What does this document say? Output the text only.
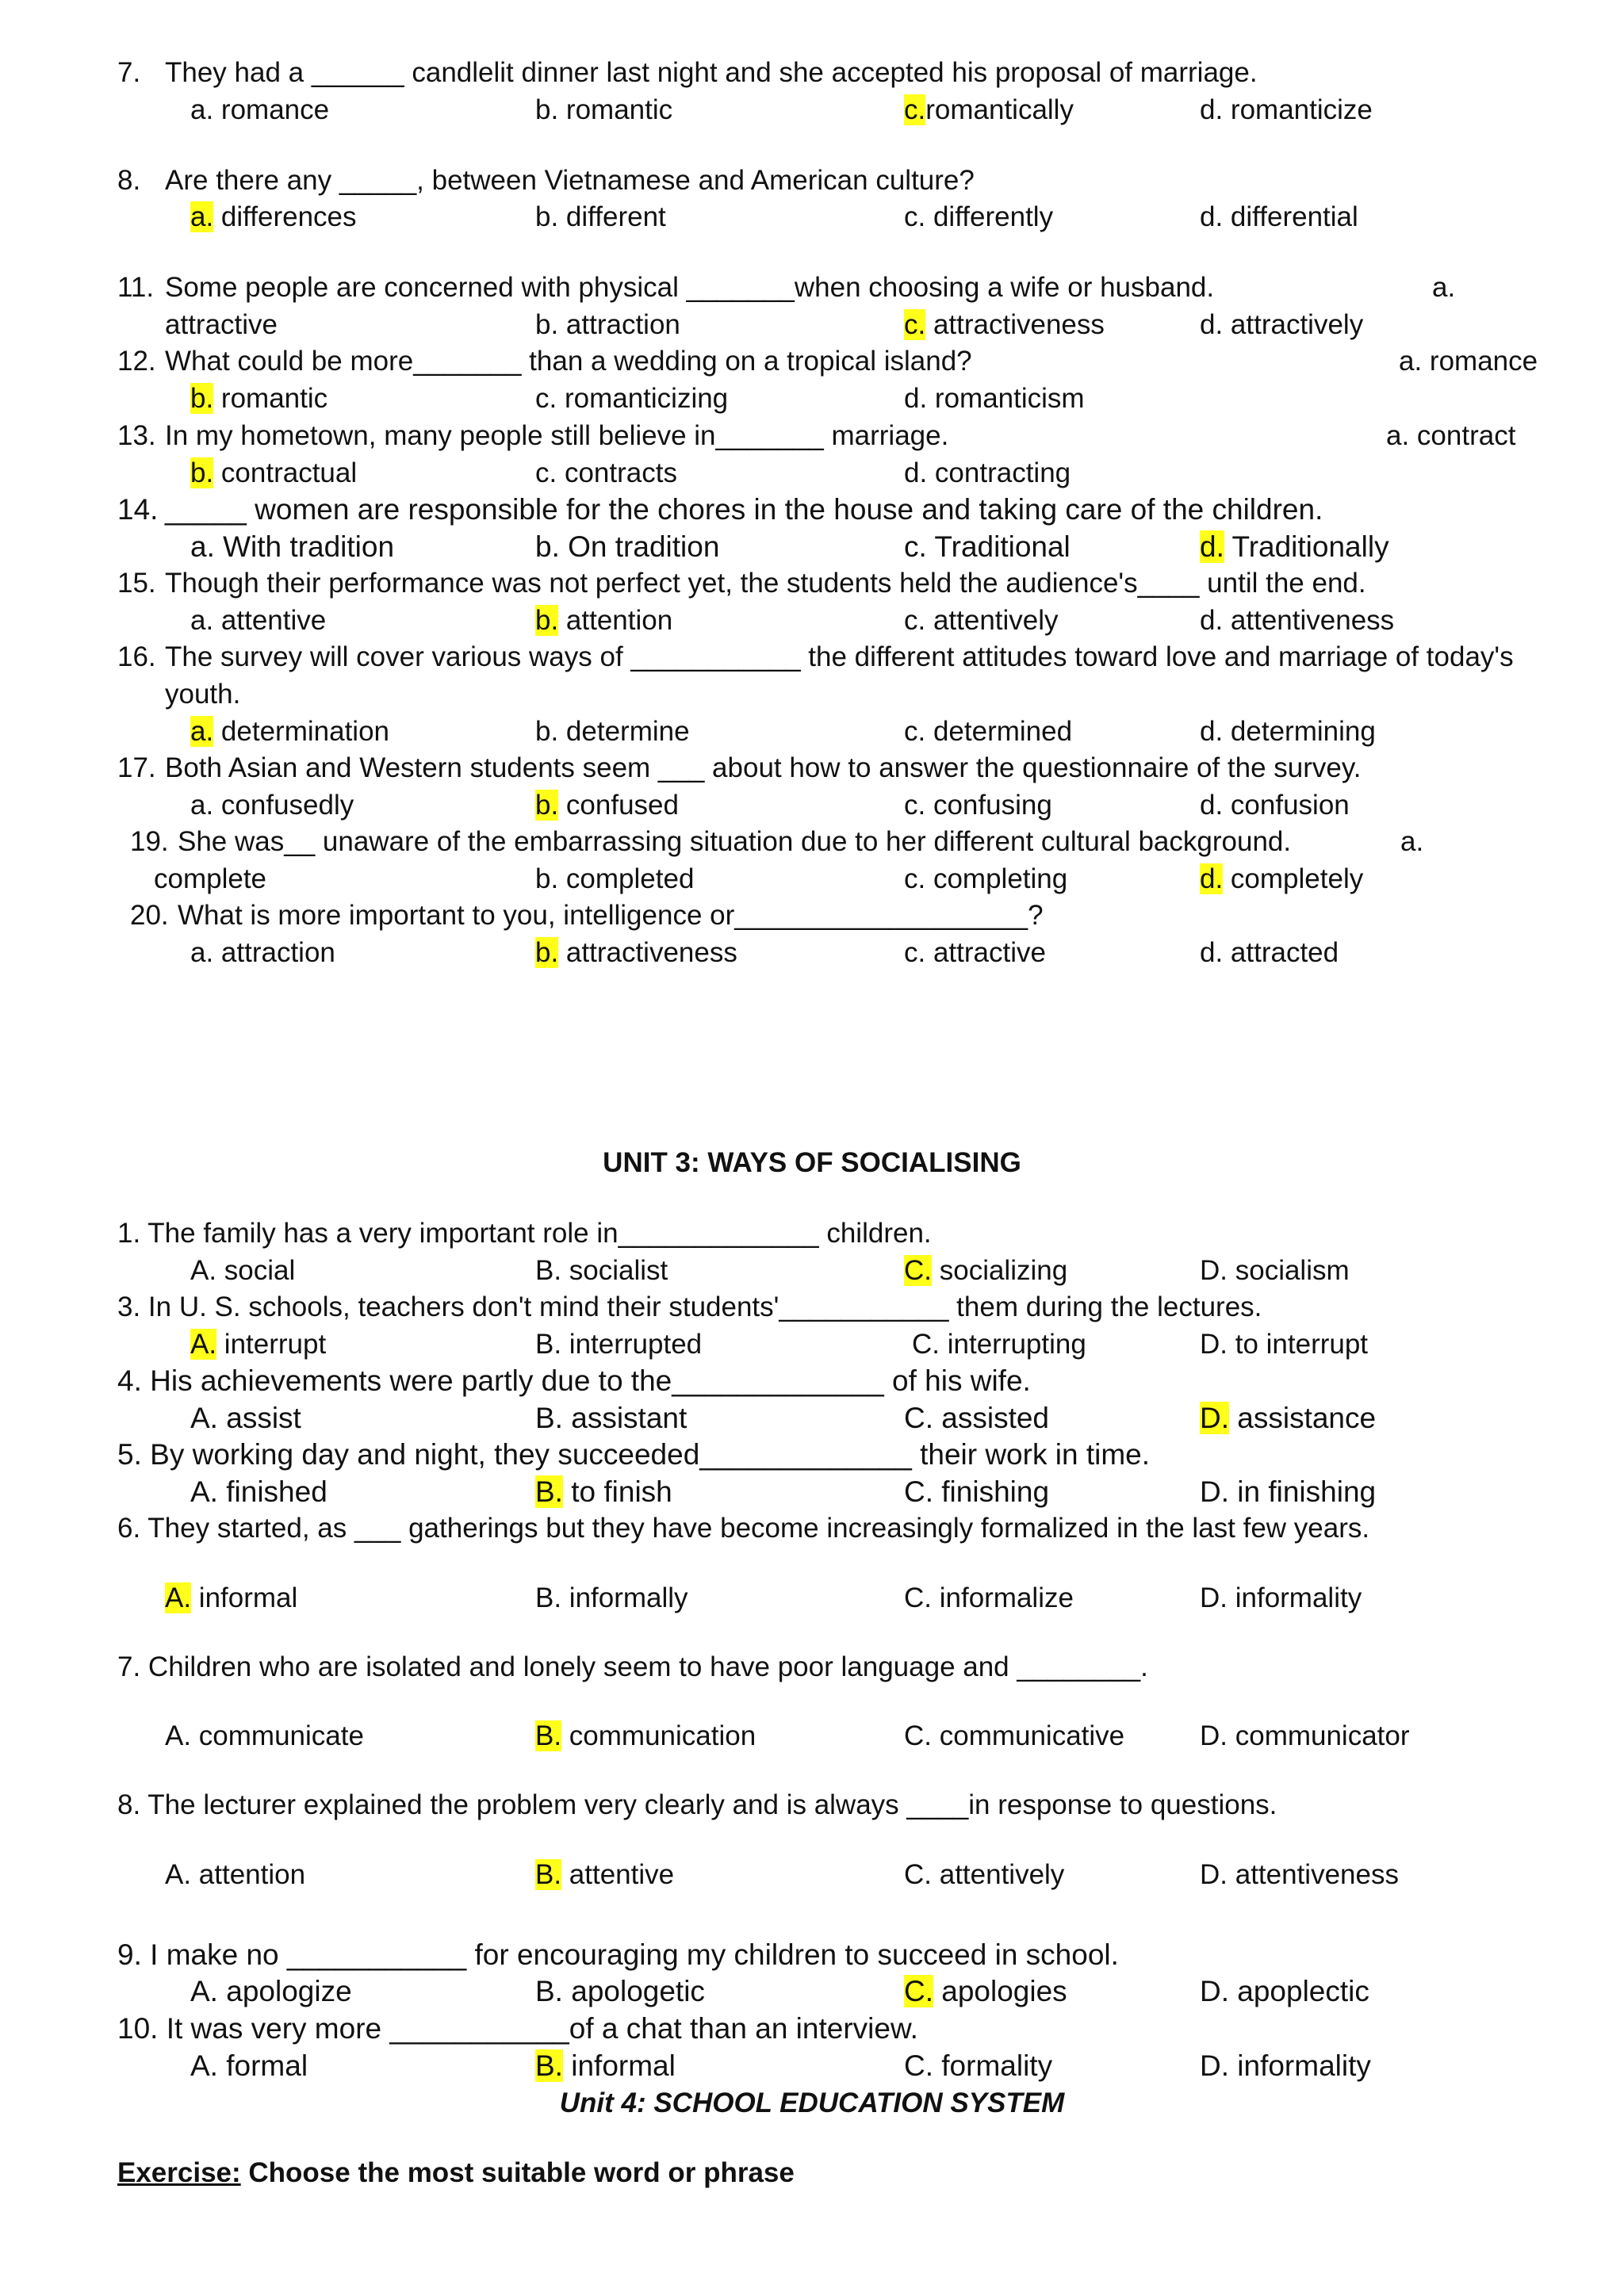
7. They had a ______ candlelit dinner last night and she accepted his proposal of marriage.
a. romance	b. romantic	c.romantically	d. romanticize
8. Are there any _____, between Vietnamese and American culture?
a. differences	b. different	c. differently	d. differential
11. Some people are concerned with physical _______when choosing a wife or husband.	a.
attractive	b. attraction	c. attractiveness	d. attractively
12. What could be more_______ than a wedding on a tropical island?	a. romance
b. romantic	c. romanticizing	d. romanticism
13. In my hometown, many people still believe in_______ marriage.	a. contract
b. contractual	c. contracts	d. contracting
14. _____ women are responsible for the chores in the house and taking care of the children.
a. With tradition	b. On tradition	c. Traditional	d. Traditionally
15. Though their performance was not perfect yet, the students held the audience's____ until the end.
a. attentive	b. attention	c. attentively	d. attentiveness
16. The survey will cover various ways of ___________ the different attitudes toward love and marriage of today's
youth.
a. determination	b. determine	c. determined	d. determining
17. Both Asian and Western students seem ___ about how to answer the questionnaire of the survey.
a. confusedly	b. confused	c. confusing	d. confusion
19. She was__ unaware of the embarrassing situation due to her different cultural background.	a.
complete	b. completed	c. completing	d. completely
20. What is more important to you, intelligence or___________________?
a. attraction	b. attractiveness	c. attractive	d. attracted
UNIT 3: WAYS OF SOCIALISING
1. The family has a very important role in_____________ children.
A. social	B. socialist	C. socializing	D. socialism
3. In U. S. schools, teachers don't mind their students'___________ them during the lectures.
A. interrupt	B. interrupted	C. interrupting	D. to interrupt
4. His achievements were partly due to the_____________ of his wife.
A. assist	B. assistant	C. assisted	D. assistance
5. By working day and night, they succeeded_____________ their work in time.
A. finished	B. to finish	C. finishing	D. in finishing
6. They started, as ___ gatherings but they have become increasingly formalized in the last few years.
A. informal	B. informally	C. informalize	D. informality
7. Children who are isolated and lonely seem to have poor language and ________.
A. communicate	B. communication	C. communicative	D. communicator
8. The lecturer explained the problem very clearly and is always ____in response to questions.
A. attention	B. attentive	C. attentively	D. attentiveness
9. I make no ___________ for encouraging my children to succeed in school.
A. apologize	B. apologetic	C. apologies	D. apoplectic
10. It was very more ___________of a chat than an interview.
A. formal	B. informal	C. formality	D. informality
Unit 4: SCHOOL EDUCATION SYSTEM
Exercise: Choose the most suitable word or phrase
